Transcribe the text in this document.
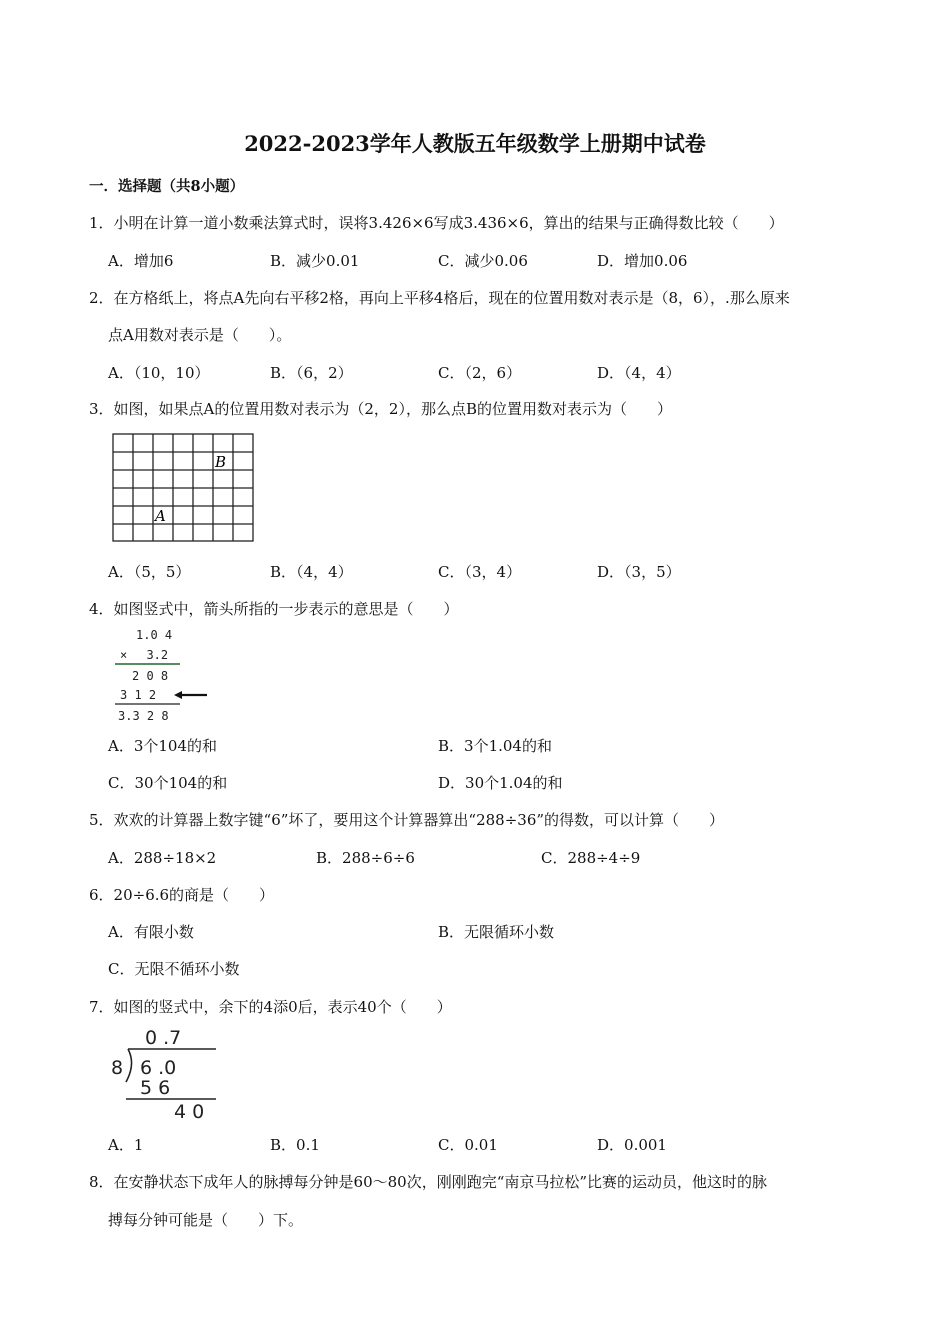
2022-2023学年人教版五年级数学上册期中试卷
一．选择题（共8小题）
1．小明在计算一道小数乘法算式时，误将3.426×6写成3.436×6，算出的结果与正确得数比较（　　）
A．增加6	B．减少0.01	C．减少0.06	D．增加0.06
2．在方格纸上，将点A先向右平移2格，再向上平移4格后，现在的位置用数对表示是（8，6），.那么原来
点A用数对表示是（　　）。
A．（10，10）	B．（6，2）	C．（2，6）	D．（4，4）
3．如图，如果点A的位置用数对表示为（2，2），那么点B的位置用数对表示为（　　）
B
A
A．（5，5）	B．（4，4）	C．（3，4）	D．（3，5）
4．如图竖式中，箭头所指的一步表示的意思是（　　）
1.0 4
× 　3.2
2 0 8
3 1 2
3.3 2 8
A．3个104的和	B．3个1.04的和
C．30个104的和	D．30个1.04的和
5．欢欢的计算器上数字键“6”坏了，要用这个计算器算出“288÷36”的得数，可以计算（　　）
A．288÷18×2	B．288÷6÷6	C．288÷4÷9
6．20÷6.6的商是（　　）
A．有限小数	B．无限循环小数
C．无限不循环小数
7．如图的竖式中，余下的4添0后，表示40个（　　）
0 .7
8 6 .0
5 6
4 0
A．1	B．0.1	C．0.01	D．0.001
8．在安静状态下成年人的脉搏每分钟是60～80次，刚刚跑完“南京马拉松”比赛的运动员，他这时的脉
搏每分钟可能是（　　）下。
